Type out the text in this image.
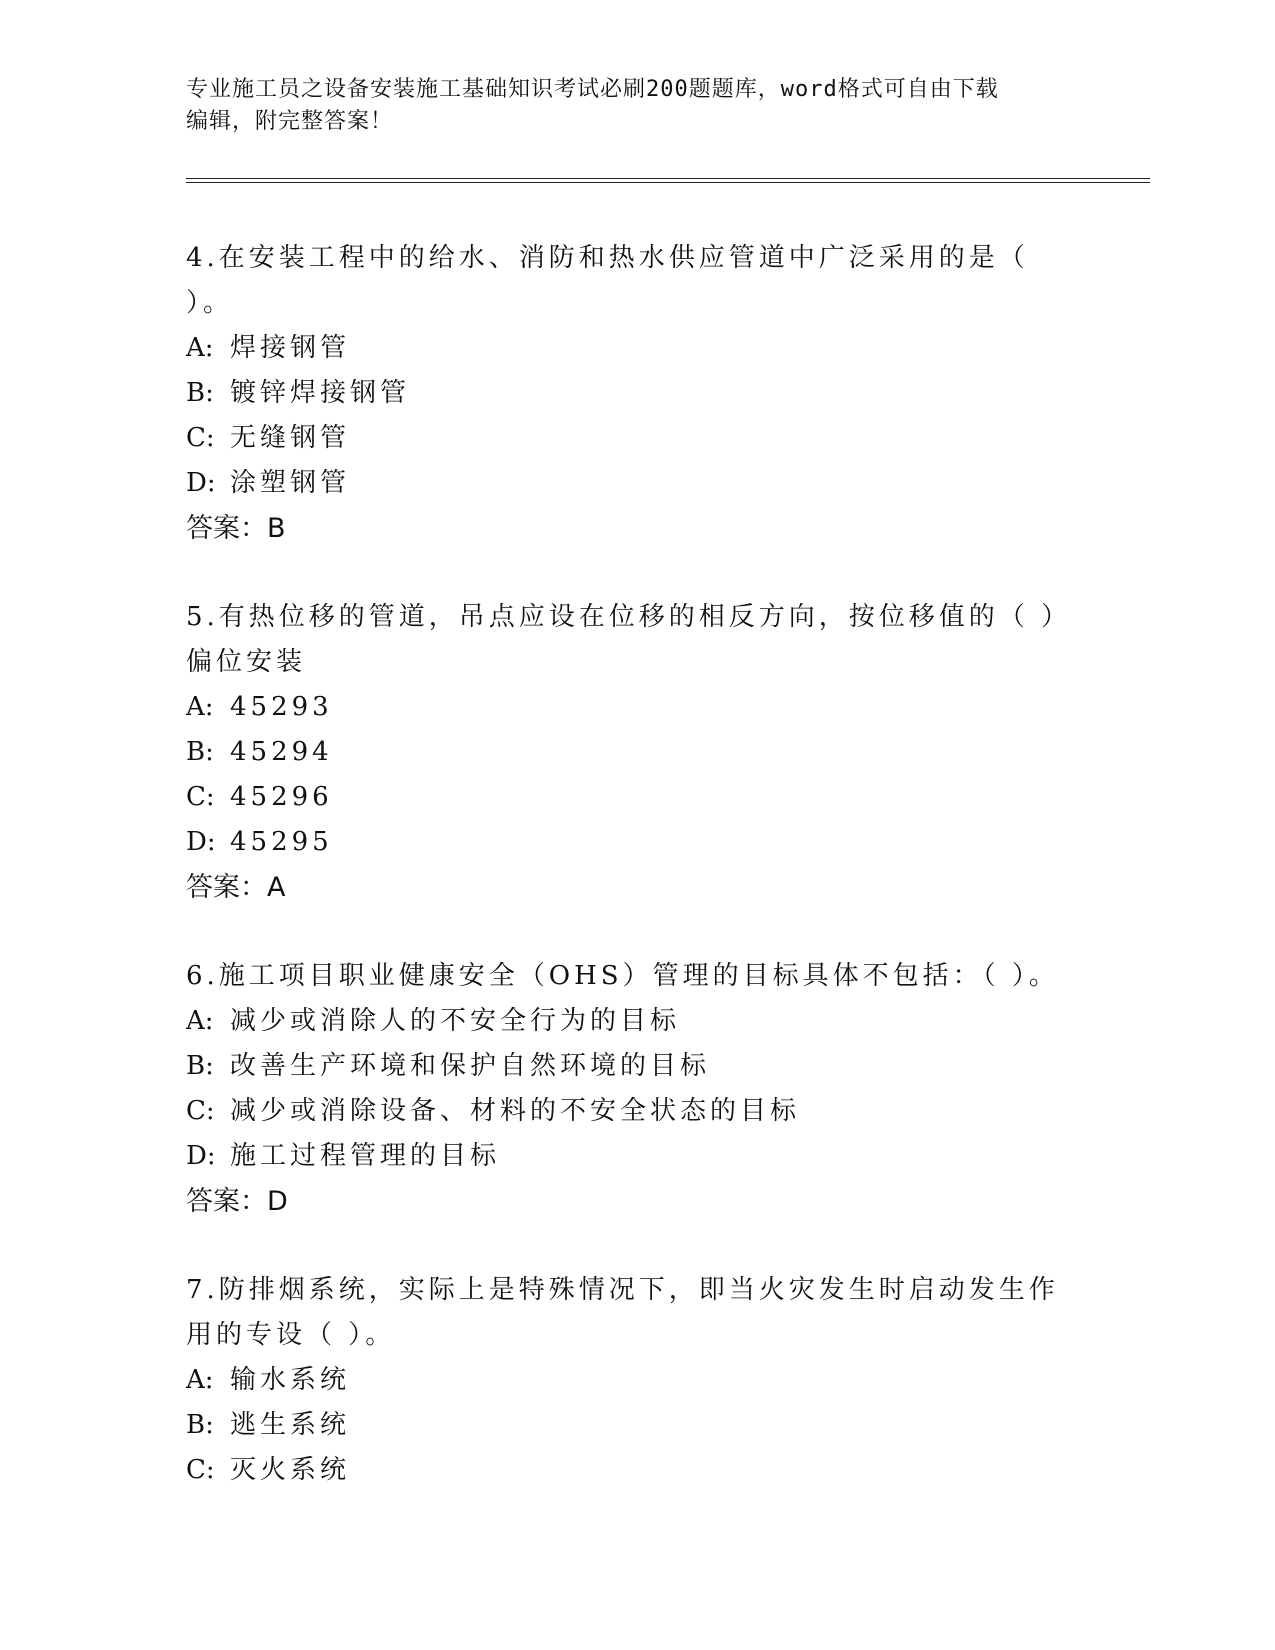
专业施工员之设备安装施工基础知识考试必刷200题题库，word格式可自由下载
编辑，附完整答案！

4.在安装工程中的给水、消防和热水供应管道中广泛采用的是（ ）。

A: 焊接钢管
B: 镀锌焊接钢管
C: 无缝钢管
D: 涂塑钢管

答案：B

5.有热位移的管道，吊点应设在位移的相反方向，按位移值的（ ）偏位安装

A: 45293
B: 45294
C: 45296
D: 45295

答案：A

6.施工项目职业健康安全（OHS）管理的目标具体不包括：（ ）。

A: 减少或消除人的不安全行为的目标
B: 改善生产环境和保护自然环境的目标
C: 减少或消除设备、材料的不安全状态的目标
D: 施工过程管理的目标

答案：D

7.防排烟系统，实际上是特殊情况下，即当火灾发生时启动发生作用的专设（ ）。

A: 输水系统
B: 逃生系统
C: 灭火系统
